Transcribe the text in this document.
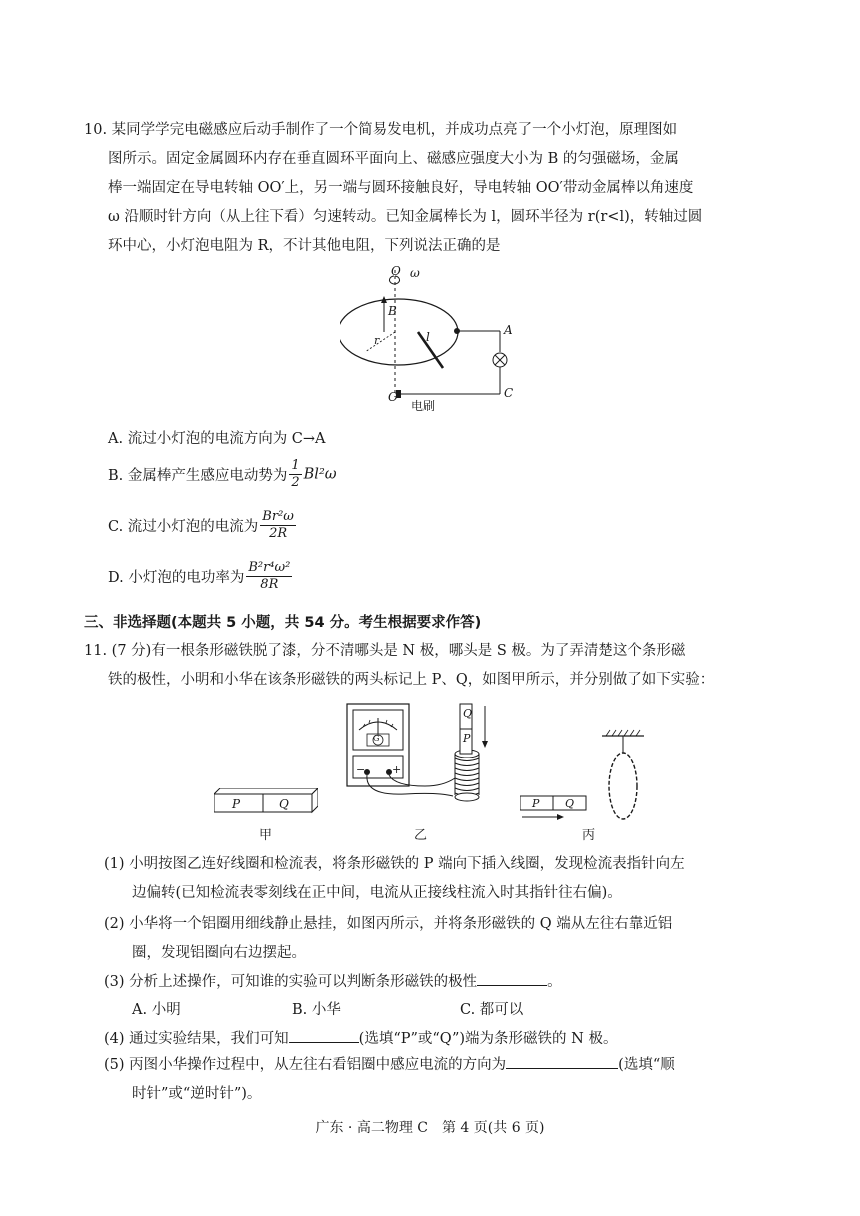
10. 某同学学完电磁感应后动手制作了一个简易发电机，并成功点亮了一个小灯泡，原理图如
图所示。固定金属圆环内存在垂直圆环平面向上、磁感应强度大小为 B 的匀强磁场，金属
棒一端固定在导电转轴 OO′上，另一端与圆环接触良好，导电转轴 OO′带动金属棒以角速度
ω 沿顺时针方向（从上往下看）匀速转动。已知金属棒长为 l，圆环半径为 r(r<l)，转轴过圆
环中心，小灯泡电阻为 R，不计其他电阻，下列说法正确的是
O ω
B
r	l	A
C
O′
电刷
A. 流过小灯泡的电流方向为 C→A
B. 金属棒产生感应电动势为 $\frac{1}{2} Bl^2\omega$
C. 流过小灯泡的电流为 $\frac{\text{Br²ω}}{2R}$
D. 小灯泡的电功率为 $\frac{\text{B²r⁴ω²}}{8R}$
三、非选择题(本题共 5 小题，共 54 分。考生根据要求作答)
11. (7 分)有一根条形磁铁脱了漆，分不清哪头是 N 极，哪头是 S 极。为了弄清楚这个条形磁
铁的极性，小明和小华在该条形磁铁的两头标记上 P、Q，如图甲所示，并分别做了如下实验：
P	Q
甲
Q
P
G
− +
乙
P Q
丙
(1) 小明按图乙连好线圈和检流表，将条形磁铁的 P 端向下插入线圈，发现检流表指针向左
边偏转(已知检流表零刻线在正中间，电流从正接线柱流入时其指针往右偏)。
(2) 小华将一个铝圈用细线静止悬挂，如图丙所示，并将条形磁铁的 Q 端从左往右靠近铝
圈，发现铝圈向右边摆起。
(3) 分析上述操作，可知谁的实验可以判断条形磁铁的极性	。
A. 小明	B. 小华	C. 都可以
(4) 通过实验结果，我们可知	(选填“P”或“Q”)端为条形磁铁的 N 极。
(5) 丙图小华操作过程中，从左往右看铝圈中感应电流的方向为	(选填“顺
时针”或“逆时针”)。
广东 · 高二物理 C　第 4 页(共 6 页)
